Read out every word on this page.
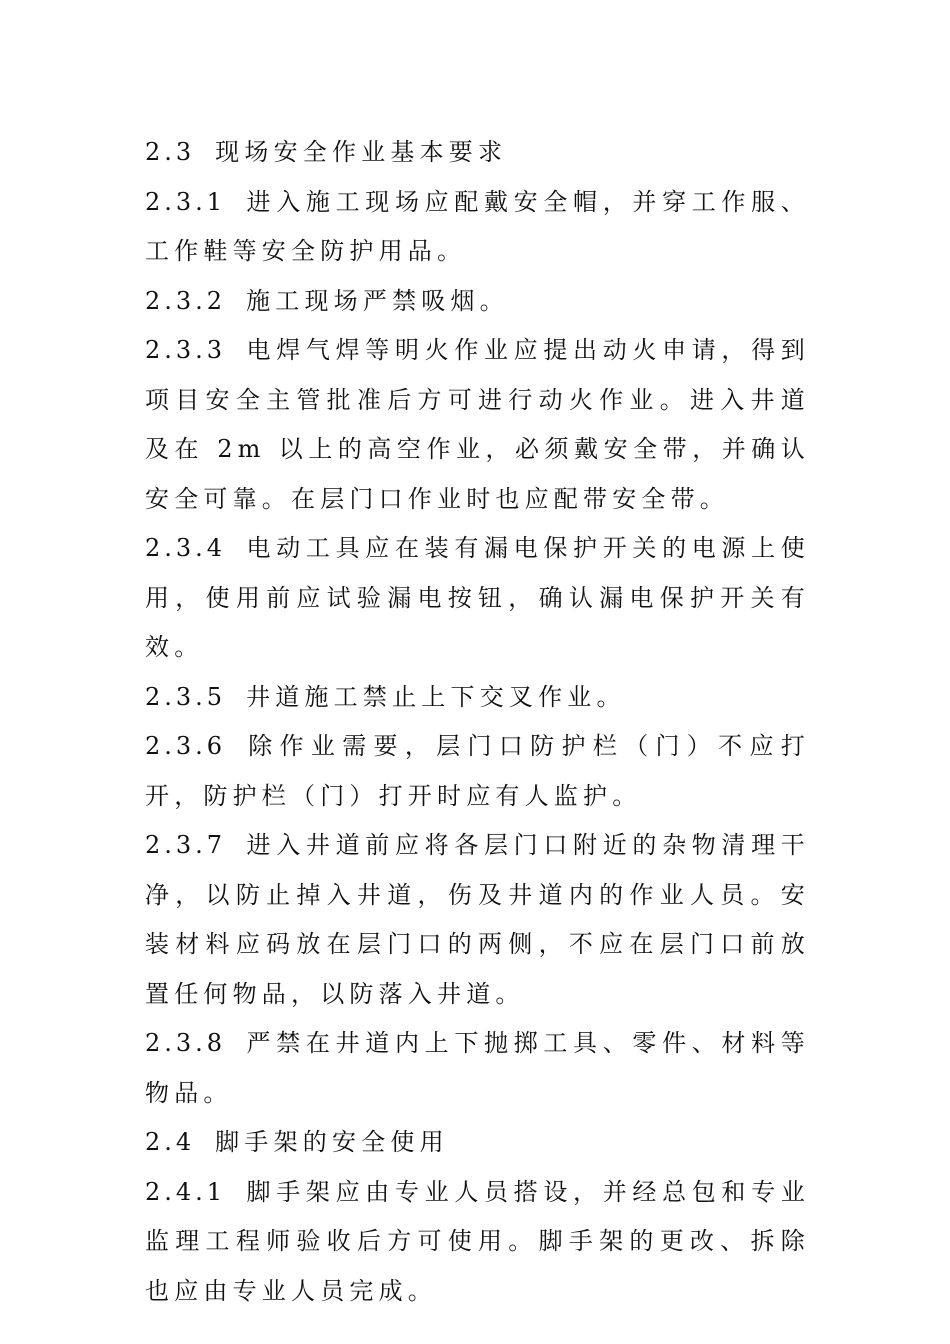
2.3 现场安全作业基本要求

2.3.1 进入施工现场应配戴安全帽，并穿工作服、工作鞋等安全防护用品。

2.3.2 施工现场严禁吸烟。

2.3.3 电焊气焊等明火作业应提出动火申请，得到项目安全主管批准后方可进行动火作业。进入井道及在 2m 以上的高空作业，必须戴安全带，并确认安全可靠。在层门口作业时也应配带安全带。

2.3.4 电动工具应在装有漏电保护开关的电源上使用，使用前应试验漏电按钮，确认漏电保护开关有效。

2.3.5 井道施工禁止上下交叉作业。

2.3.6 除作业需要，层门口防护栏（门）不应打开，防护栏（门）打开时应有人监护。

2.3.7 进入井道前应将各层门口附近的杂物清理干净，以防止掉入井道，伤及井道内的作业人员。安装材料应码放在层门口的两侧，不应在层门口前放置任何物品，以防落入井道。

2.3.8 严禁在井道内上下抛掷工具、零件、材料等物品。

2.4 脚手架的安全使用

2.4.1 脚手架应由专业人员搭设，并经总包和专业监理工程师验收后方可使用。脚手架的更改、拆除也应由专业人员完成。
